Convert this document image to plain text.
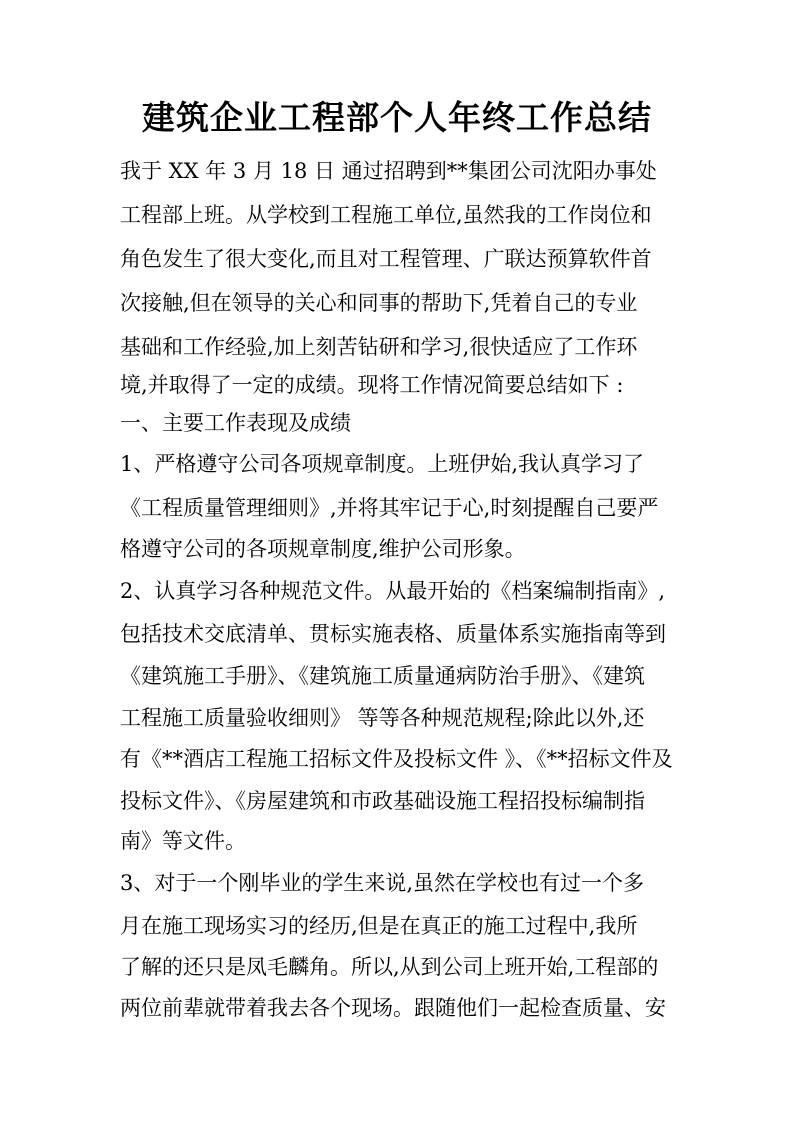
建筑企业工程部个人年终工作总结
我于 XX 年 3 月 18 日 通过招聘到**集团公司沈阳办事处
工程部上班。从学校到工程施工单位,虽然我的工作岗位和
角色发生了很大变化,而且对工程管理、广联达预算软件首
次接触,但在领导的关心和同事的帮助下,凭着自己的专业
基础和工作经验,加上刻苦钻研和学习,很快适应了工作环
境,并取得了一定的成绩。现将工作情况简要总结如下 :
一、主要工作表现及成绩
1、严格遵守公司各项规章制度。上班伊始,我认真学习了
《工程质量管理细则》,并将其牢记于心,时刻提醒自己要严
格遵守公司的各项规章制度,维护公司形象。
2、认真学习各种规范文件。从最开始的《档案编制指南》,
包括技术交底清单、贯标实施表格、质量体系实施指南等到
《建筑施工手册》、《建筑施工质量通病防治手册》、《建筑
工程施工质量验收细则》 等等各种规范规程;除此以外,还
有《**酒店工程施工招标文件及投标文件 》、《**招标文件及
投标文件》、《房屋建筑和市政基础设施工程招投标编制指
南》等文件。
3、对于一个刚毕业的学生来说,虽然在学校也有过一个多
月在施工现场实习的经历,但是在真正的施工过程中,我所
了解的还只是凤毛麟角。所以,从到公司上班开始,工程部的
两位前辈就带着我去各个现场。跟随他们一起检查质量、安
